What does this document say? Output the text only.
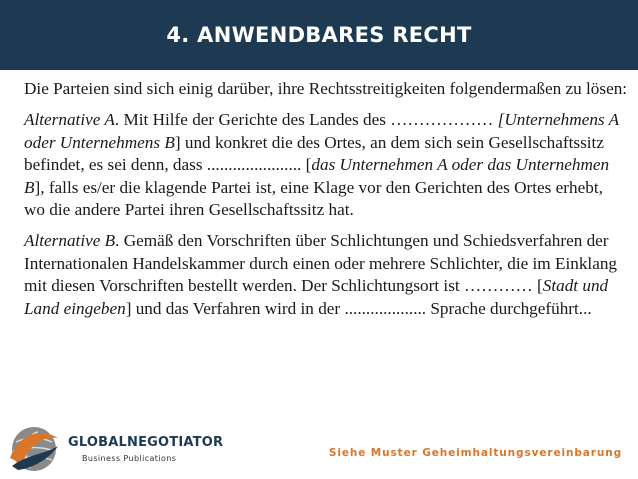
4. ANWENDBARES RECHT

Die Parteien sind sich einig darüber, ihre Rechtsstreitigkeiten folgendermaßen zu lösen:

Alternative A. Mit Hilfe der Gerichte des Landes des ……………… [Unternehmens A oder Unternehmens B] und konkret die des Ortes, an dem sich sein Gesellschaftssitz befindet, es sei denn, dass ...................... [das Unternehmen A oder das Unternehmen B], falls es/er die klagende Partei ist, eine Klage vor den Gerichten des Ortes erhebt, wo die andere Partei ihren Gesellschaftssitz hat.

Alternative B. Gemäß den Vorschriften über Schlichtungen und Schiedsverfahren der Internationalen Handelskammer durch einen oder mehrere Schlichter, die im Einklang mit diesen Vorschriften bestellt werden. Der Schlichtungsort ist ………… [Stadt und Land eingeben] und das Verfahren wird in der ................... Sprache durchgeführt...

GLOBALNEGOTIATOR
Business Publications	Siehe Muster Geheimhaltungsvereinbarung
